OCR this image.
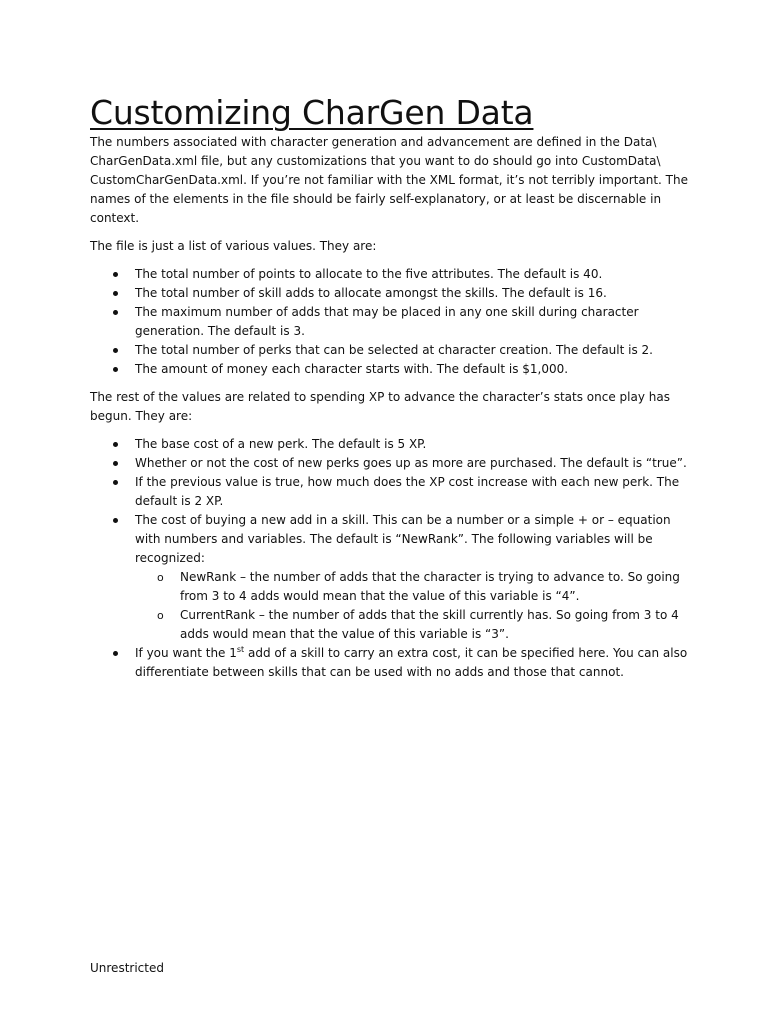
Customizing CharGen Data

The numbers associated with character generation and advancement are defined in the Data\ CharGenData.xml file, but any customizations that you want to do should go into CustomData\ CustomCharGenData.xml. If you’re not familiar with the XML format, it’s not terribly important. The names of the elements in the file should be fairly self-explanatory, or at least be discernable in context.

The file is just a list of various values. They are:

The total number of points to allocate to the five attributes. The default is 40.
The total number of skill adds to allocate amongst the skills. The default is 16.
The maximum number of adds that may be placed in any one skill during character generation. The default is 3.
The total number of perks that can be selected at character creation. The default is 2.
The amount of money each character starts with. The default is $1,000.

The rest of the values are related to spending XP to advance the character’s stats once play has begun. They are:

The base cost of a new perk. The default is 5 XP.
Whether or not the cost of new perks goes up as more are purchased. The default is “true”.
If the previous value is true, how much does the XP cost increase with each new perk. The default is 2 XP.
The cost of buying a new add in a skill. This can be a number or a simple + or – equation with numbers and variables. The default is “NewRank”. The following variables will be recognized:
o NewRank – the number of adds that the character is trying to advance to. So going from 3 to 4 adds would mean that the value of this variable is “4”.
o CurrentRank – the number of adds that the skill currently has. So going from 3 to 4 adds would mean that the value of this variable is “3”.
If you want the 1st add of a skill to carry an extra cost, it can be specified here. You can also differentiate between skills that can be used with no adds and those that cannot.
Unrestricted
